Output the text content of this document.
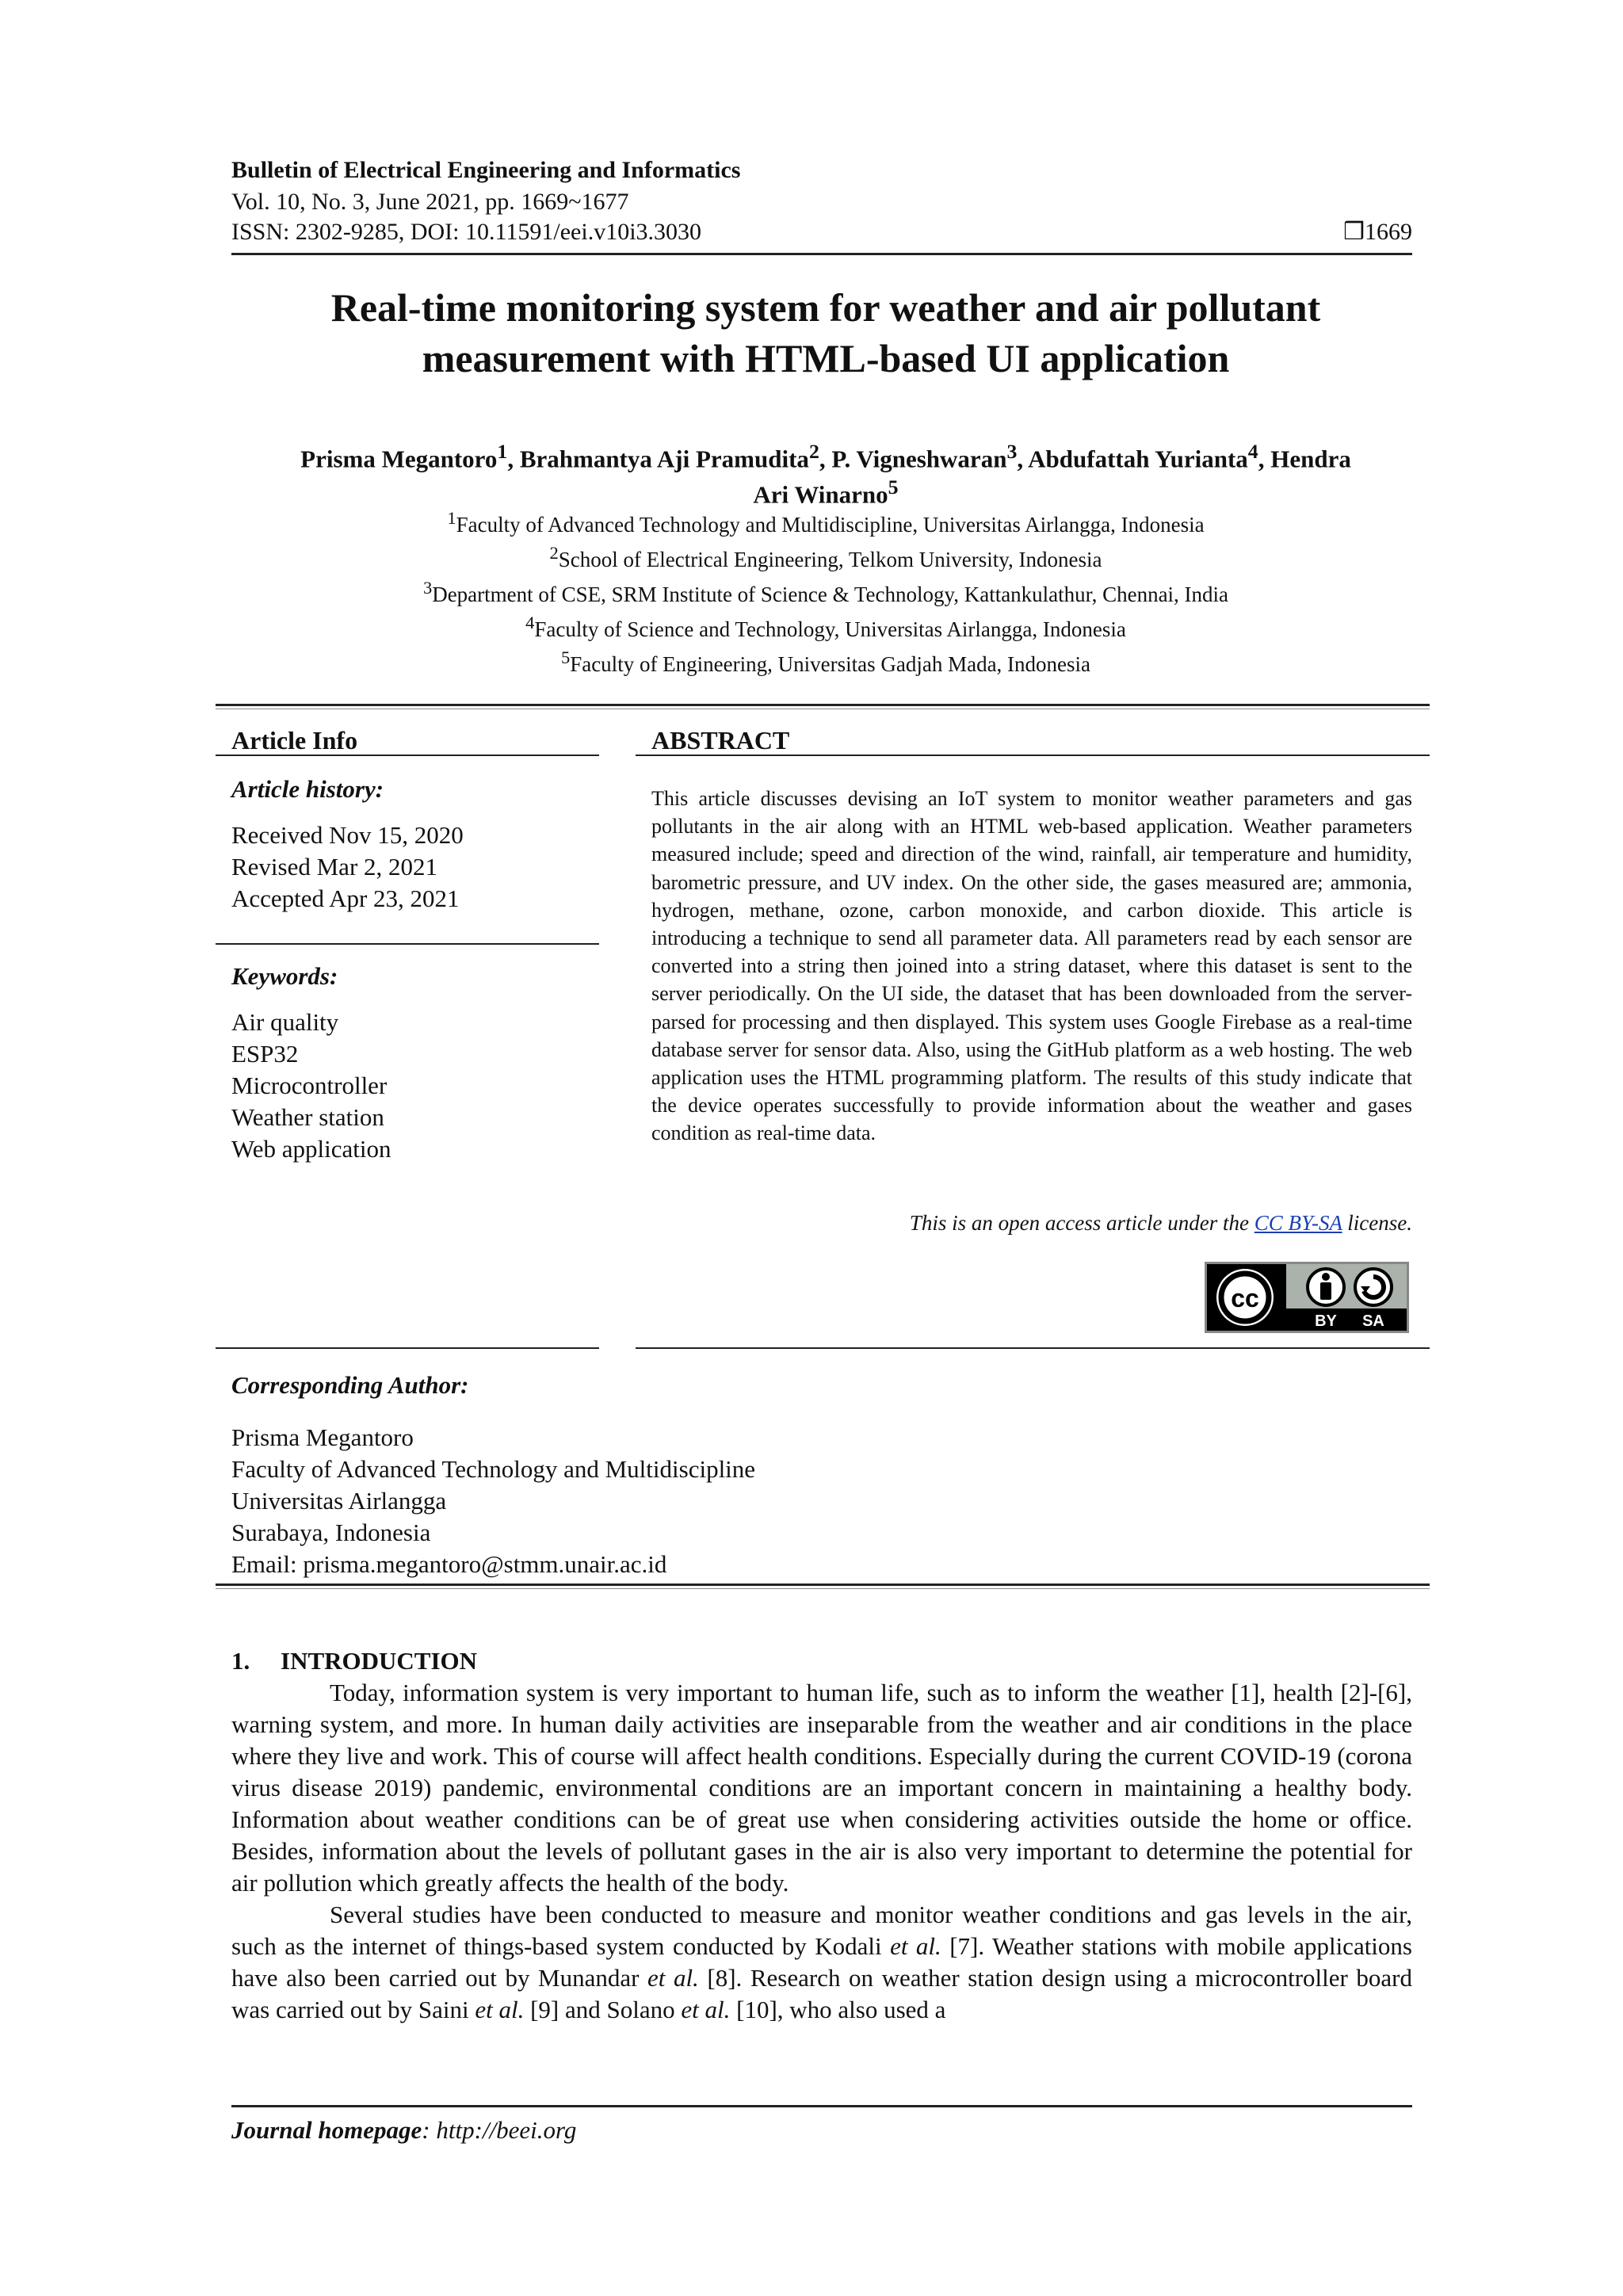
Bulletin of Electrical Engineering and Informatics
Vol. 10, No. 3, June 2021, pp. 1669~1677
ISSN: 2302-9285, DOI: 10.11591/eei.v10i3.3030	❒1669
Real-time monitoring system for weather and air pollutant
measurement with HTML-based UI application
Prisma Megantoro$^1$, Brahmantya Aji Pramudita$^2$, P. Vigneshwaran$^3$, Abdufattah Yurianta$^4$, Hendra
Ari Winarno$^5$
$^1$Faculty of Advanced Technology and Multidiscipline, Universitas Airlangga, Indonesia
$^2$School of Electrical Engineering, Telkom University, Indonesia
$^3$Department of CSE, SRM Institute of Science & Technology, Kattankulathur, Chennai, India
$^4$Faculty of Science and Technology, Universitas Airlangga, Indonesia
$^5$Faculty of Engineering, Universitas Gadjah Mada, Indonesia
Article Info
Article history:
Received Nov 15, 2020
Revised Mar 2, 2021
Accepted Apr 23, 2021
Keywords:
Air quality
ESP32
Microcontroller
Weather station
Web application
ABSTRACT
This article discusses devising an IoT system to monitor weather parameters and gas pollutants in the air along with an HTML web-based application. Weather parameters measured include; speed and direction of the wind, rainfall, air temperature and humidity, barometric pressure, and UV index. On the other side, the gases measured are; ammonia, hydrogen, methane, ozone, carbon monoxide, and carbon dioxide. This article is introducing a technique to send all parameter data. All parameters read by each sensor are converted into a string then joined into a string dataset, where this dataset is sent to the server periodically. On the UI side, the dataset that has been downloaded from the server-parsed for processing and then displayed. This system uses Google Firebase as a real-time database server for sensor data. Also, using the GitHub platform as a web hosting. The web application uses the HTML programming platform. The results of this study indicate that the device operates successfully to provide information about the weather and gases condition as real-time data.
This is an open access article under the CC BY-SA license.
cc
BY SA
Corresponding Author:
Prisma Megantoro
Faculty of Advanced Technology and Multidiscipline
Universitas Airlangga
Surabaya, Indonesia
Email: prisma.megantoro@stmm.unair.ac.id
1.     INTRODUCTION

Today, information system is very important to human life, such as to inform the weather [1], health [2]-[6], warning system, and more. In human daily activities are inseparable from the weather and air conditions in the place where they live and work. This of course will affect health conditions. Especially during the current COVID-19 (corona virus disease 2019) pandemic, environmental conditions are an important concern in maintaining a healthy body. Information about weather conditions can be of great use when considering activities outside the home or office. Besides, information about the levels of pollutant gases in the air is also very important to determine the potential for air pollution which greatly affects the health of the body.

Several studies have been conducted to measure and monitor weather conditions and gas levels in the air, such as the internet of things-based system conducted by Kodali et al. [7]. Weather stations with mobile applications have also been carried out by Munandar et al. [8]. Research on weather station design using a microcontroller board was carried out by Saini et al. [9] and Solano et al. [10], who also used a

Journal homepage: http://beei.org
